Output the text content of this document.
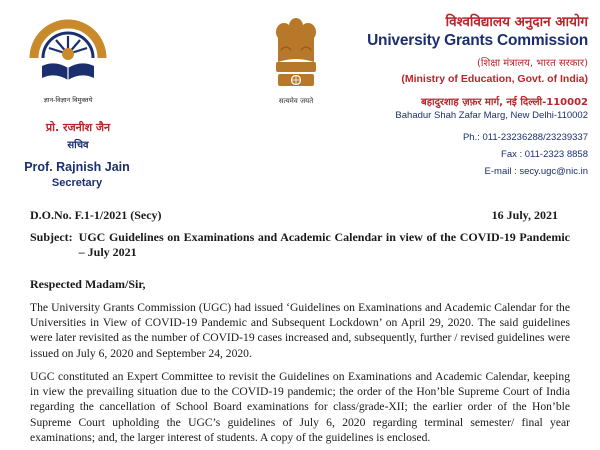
ज्ञान-विज्ञान विमुक्तये
प्रो. रजनीश जैन
सचिव
Prof. Rajnish Jain
Secretary
सत्यमेव जयते
विश्वविद्यालय अनुदान आयोग
University Grants Commission
(शिक्षा मंत्रालय, भारत सरकार)
(Ministry of Education, Govt. of India)
बहादुरशाह ज़फ़र मार्ग, नई दिल्ली-110002
Bahadur Shah Zafar Marg, New Delhi-110002
Ph.: 011-23236288/23239337
Fax : 011-2323 8858
E-mail : secy.ugc@nic.in
D.O.No. F.1-1/2021 (Secy)	16 July, 2021
Subject: UGC Guidelines on Examinations and Academic Calendar in view of the COVID-19 Pandemic – July 2021
Respected Madam/Sir,

The University Grants Commission (UGC) had issued ‘Guidelines on Examinations and Academic Calendar for the Universities in View of COVID-19 Pandemic and Subsequent Lockdown’ on April 29, 2020. The said guidelines were later revisited as the number of COVID-19 cases increased and, subsequently, further / revised guidelines were issued on July 6, 2020 and September 24, 2020.

UGC constituted an Expert Committee to revisit the Guidelines on Examinations and Academic Calendar, keeping in view the prevailing situation due to the COVID-19 pandemic; the order of the Hon’ble Supreme Court of India regarding the cancellation of School Board examinations for class/grade-XII; the earlier order of the Hon’ble Supreme Court upholding the UGC’s guidelines of July 6, 2020 regarding terminal semester/ final year examinations; and, the larger interest of students. A copy of the guidelines is enclosed.
